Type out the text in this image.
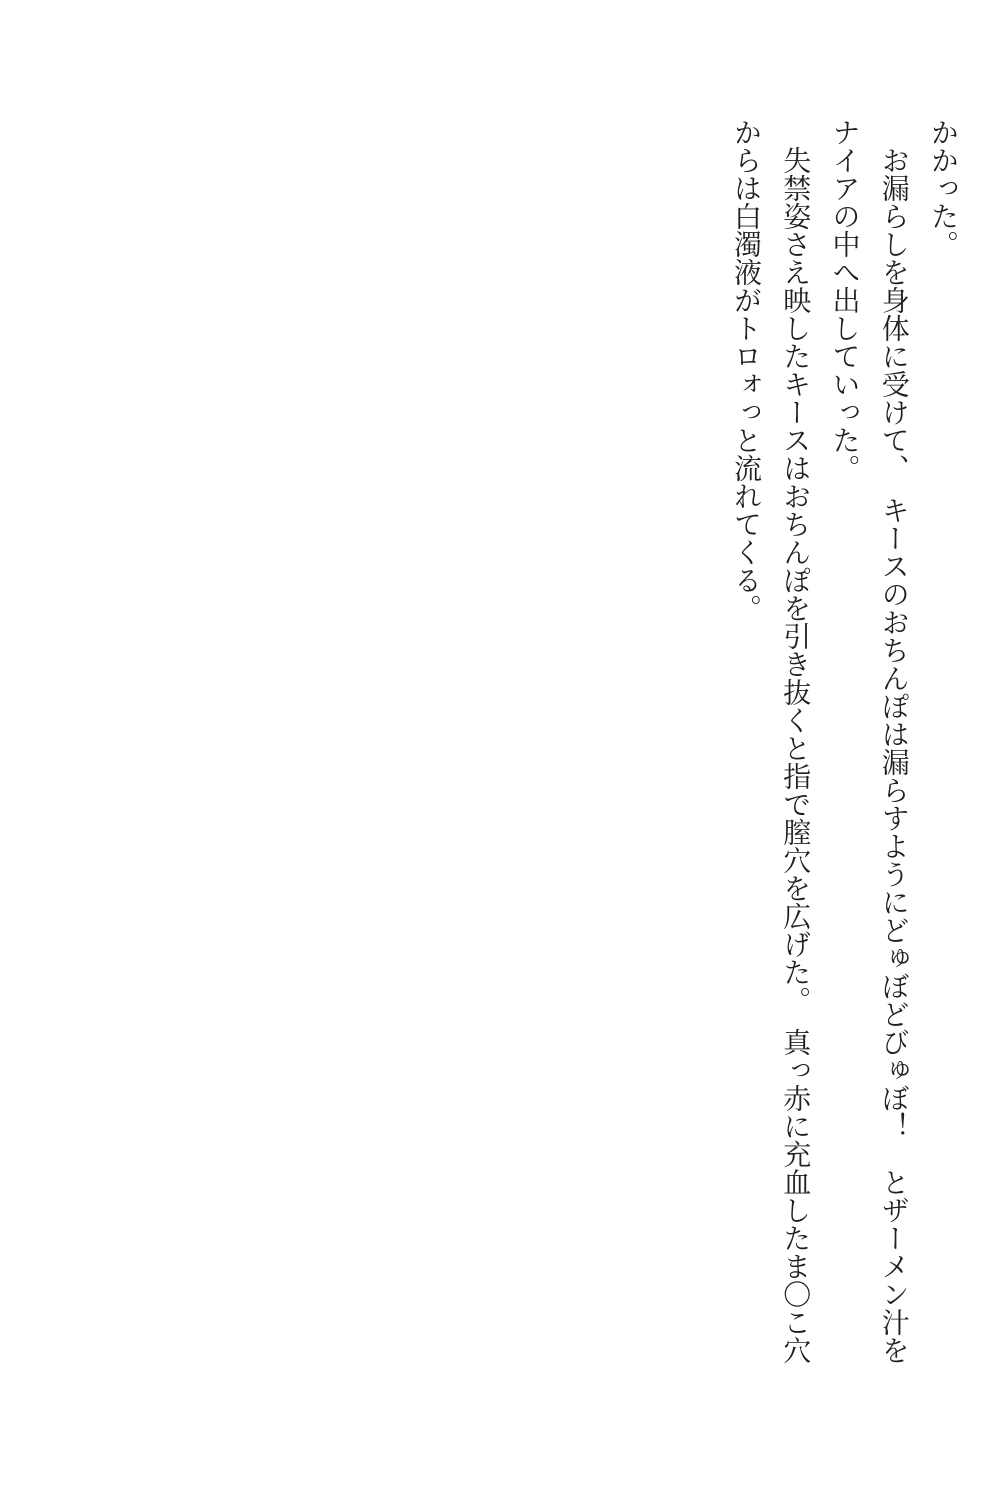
かかった。

　お漏らしを身体に受けて、　キースのおちんぽは漏らすようにどゅぼどびゅぼ！　とザーメン汁をナイアの中へ出していった。

　失禁姿さえ映したキースはおちんぽを引き抜くと指で膣穴を広げた。　真っ赤に充血したま〇こ穴からは白濁液がトロォっと流れてくる。
